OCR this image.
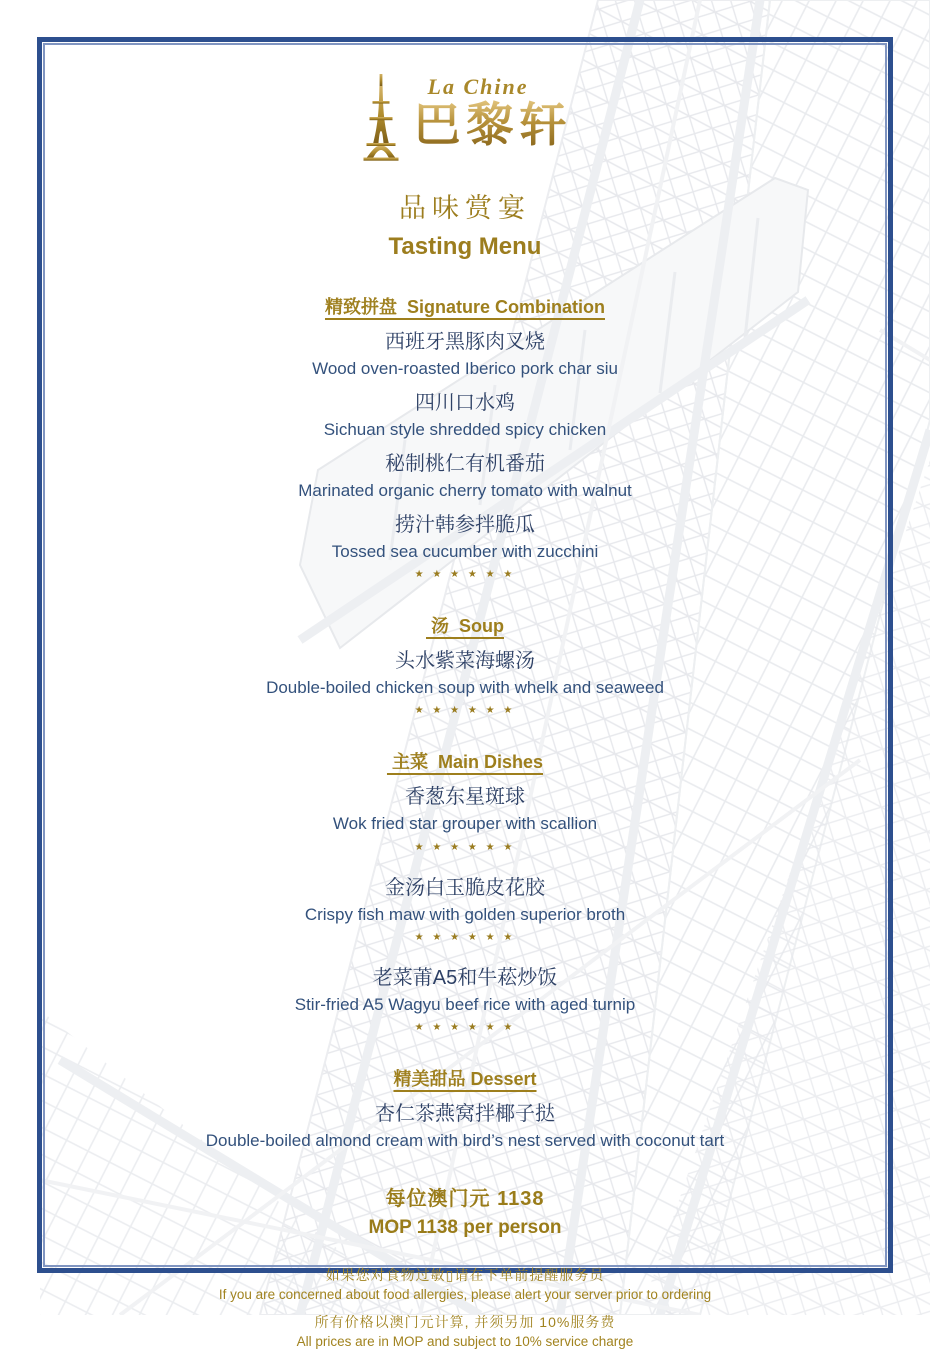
La Chine
巴黎轩
品味赏宴
Tasting Menu
精致拼盘  Signature Combination
西班牙黑豚肉叉烧
Wood oven-roasted Iberico pork char siu
四川口水鸡
Sichuan style shredded spicy chicken
秘制桃仁有机番茄
Marinated organic cherry tomato with walnut
捞汁韩参拌脆瓜
Tossed sea cucumber with zucchini
★ ★ ★ ★ ★ ★
汤  Soup
头水紫菜海螺汤
Double-boiled chicken soup with whelk and seaweed
★ ★ ★ ★ ★ ★
主菜  Main Dishes
香葱东星斑球
Wok fried star grouper with scallion
★ ★ ★ ★ ★ ★
金汤白玉脆皮花胶
Crispy fish maw with golden superior broth
★ ★ ★ ★ ★ ★
老菜莆A5和牛菘炒饭
Stir-fried A5 Wagyu beef rice with aged turnip
★ ★ ★ ★ ★ ★
精美甜品 Dessert
杏仁茶燕窝拌椰子挞
Double-boiled almond cream with bird’s nest served with coconut tart
每位澳门元 1138
MOP 1138 per person
如果您对食物过敏▯请在下单前提醒服务员
If you are concerned about food allergies, please alert your server prior to ordering
所有价格以澳门元计算, 并须另加 10%服务费
All prices are in MOP and subject to 10% service charge
